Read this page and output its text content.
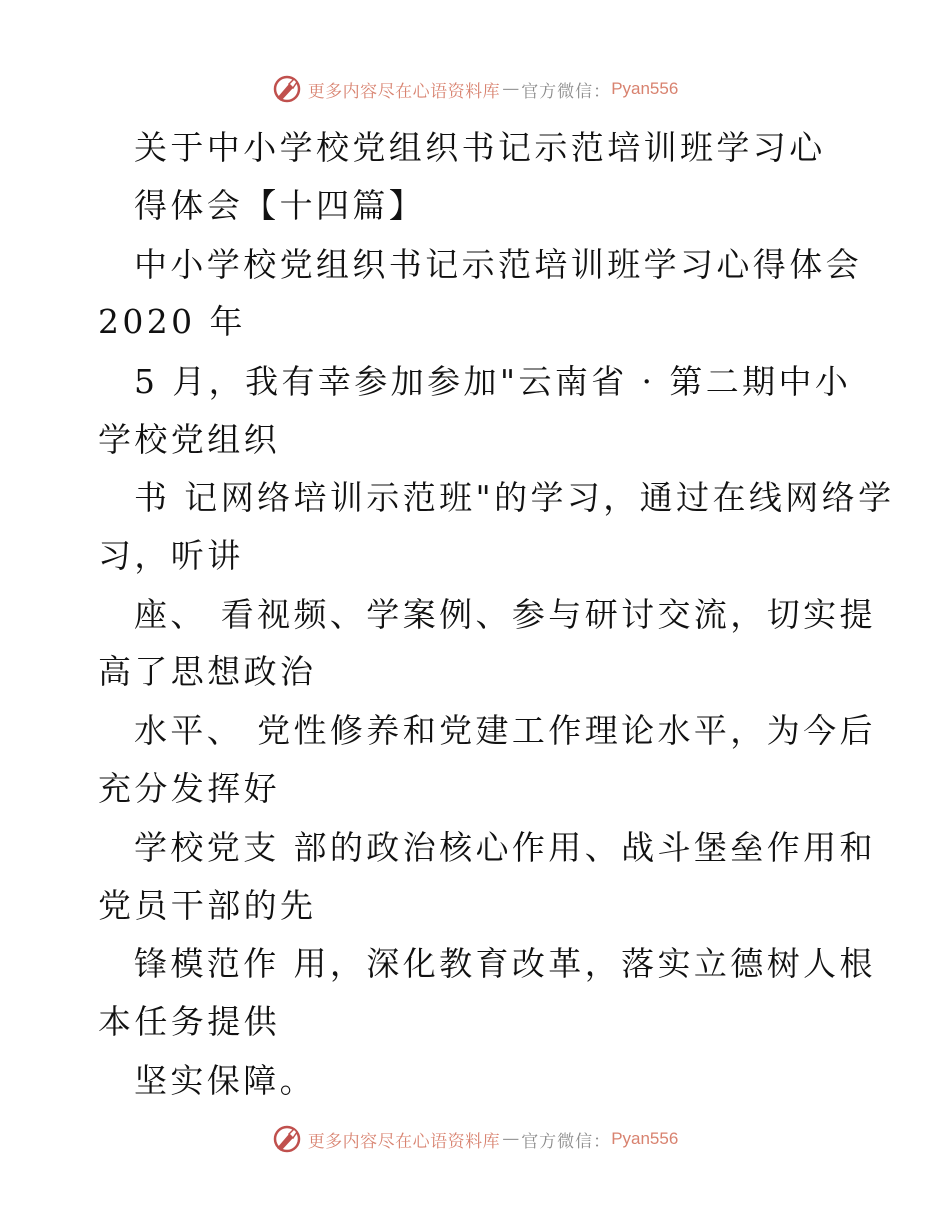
更多内容尽在心语资料库 — 官方微信： Pyan556
关于中小学校党组织书记示范培训班学习心
得体会【十四篇】
中小学校党组织书记示范培训班学习心得体会
2020 年
5 月，我有幸参加参加"云南省 · 第二期中小
学校党组织
书 记网络培训示范班"的学习，通过在线网络学
习，听讲
座、 看视频、学案例、参与研讨交流，切实提
高了思想政治
水平、 党性修养和党建工作理论水平，为今后
充分发挥好
学校党支 部的政治核心作用、战斗堡垒作用和
党员干部的先
锋模范作 用，深化教育改革，落实立德树人根
本任务提供
坚实保障。
更多内容尽在心语资料库 — 官方微信： Pyan556
